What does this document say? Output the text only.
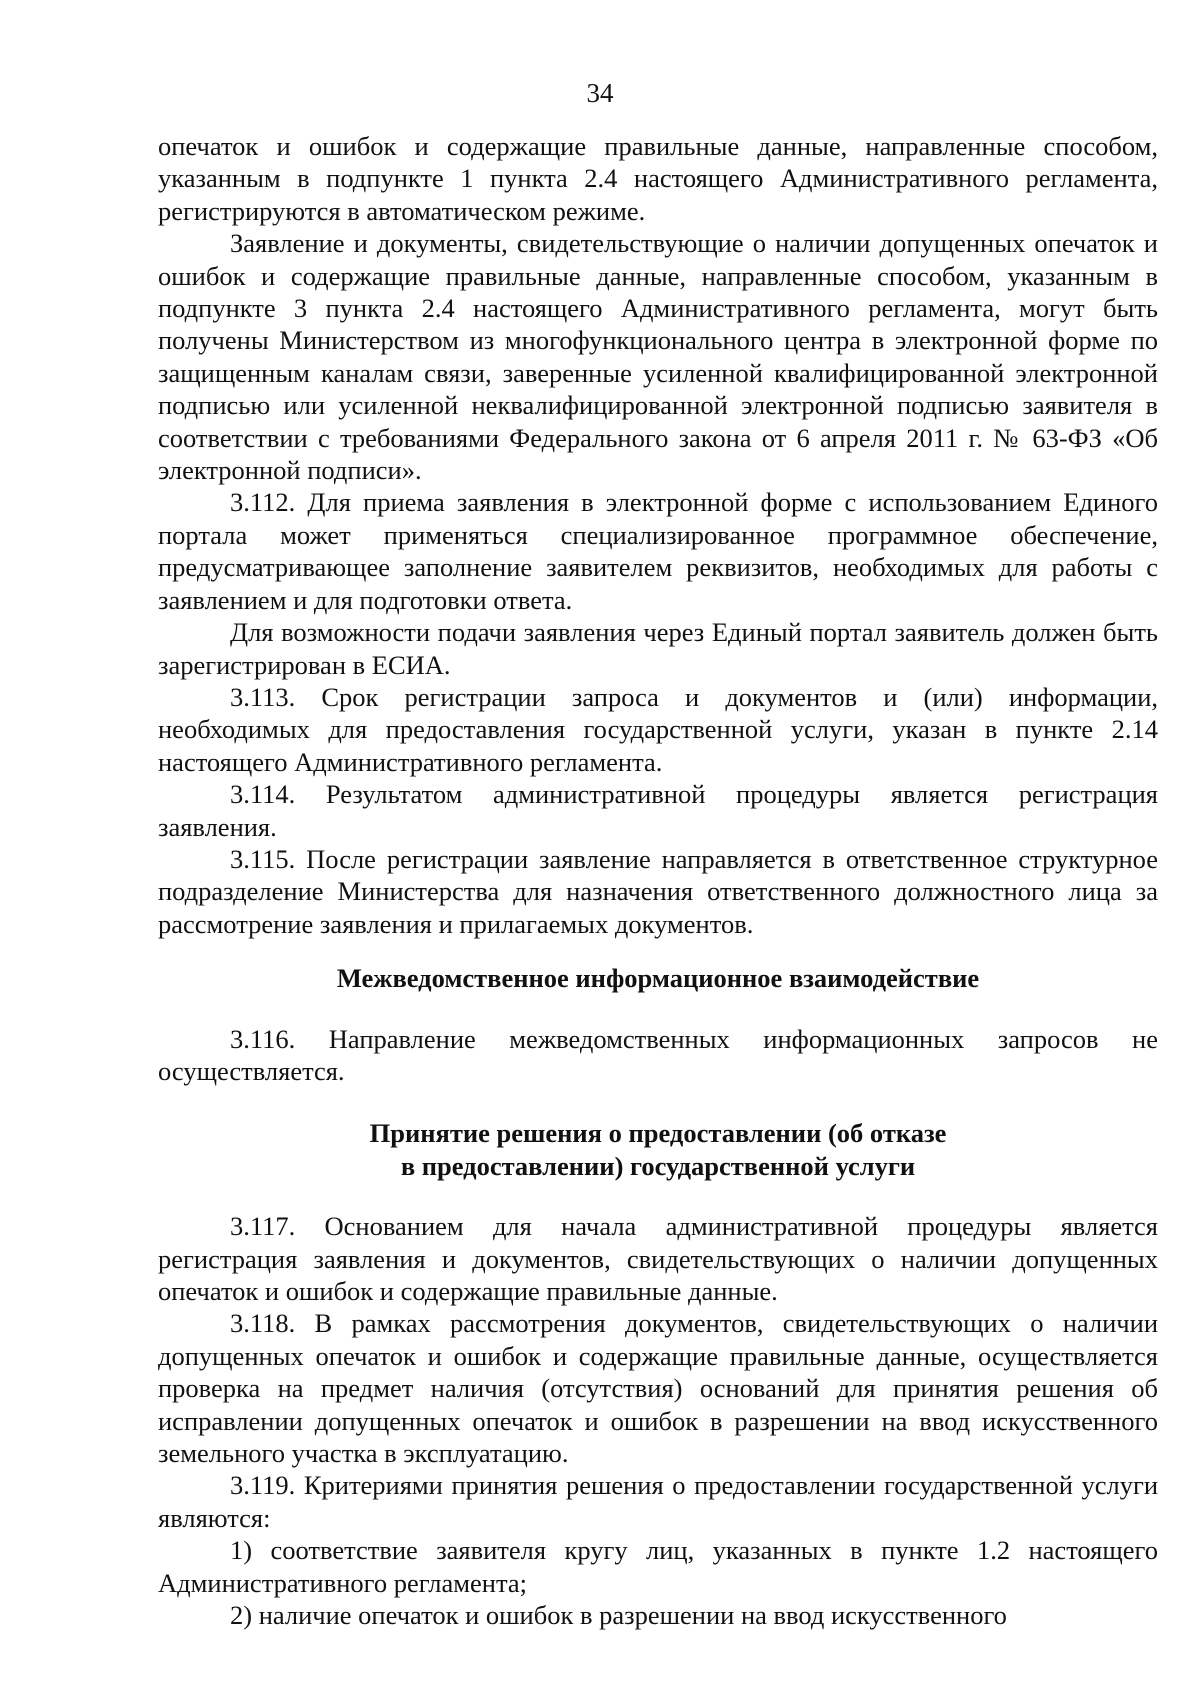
34

опечаток и ошибок и содержащие правильные данные, направленные способом, указанным в подпункте 1 пункта 2.4 настоящего Административного регламента, регистрируются в автоматическом режиме.

Заявление и документы, свидетельствующие о наличии допущенных опечаток и ошибок и содержащие правильные данные, направленные способом, указанным в подпункте 3 пункта 2.4 настоящего Административного регламента, могут быть получены Министерством из многофункционального центра в электронной форме по защищенным каналам связи, заверенные усиленной квалифицированной электронной подписью или усиленной неквалифицированной электронной подписью заявителя в соответствии с требованиями Федерального закона от 6 апреля 2011 г. № 63-ФЗ «Об электронной подписи».

3.112. Для приема заявления в электронной форме с использованием Единого портала может применяться специализированное программное обеспечение, предусматривающее заполнение заявителем реквизитов, необходимых для работы с заявлением и для подготовки ответа.

Для возможности подачи заявления через Единый портал заявитель должен быть зарегистрирован в ЕСИА.

3.113. Срок регистрации запроса и документов и (или) информации, необходимых для предоставления государственной услуги, указан в пункте 2.14 настоящего Административного регламента.

3.114. Результатом административной процедуры является регистрация заявления.

3.115. После регистрации заявление направляется в ответственное структурное подразделение Министерства для назначения ответственного должностного лица за рассмотрение заявления и прилагаемых документов.

Межведомственное информационное взаимодействие

3.116. Направление межведомственных информационных запросов не осуществляется.

Принятие решения о предоставлении (об отказе
в предоставлении) государственной услуги

3.117. Основанием для начала административной процедуры является регистрация заявления и документов, свидетельствующих о наличии допущенных опечаток и ошибок и содержащие правильные данные.

3.118. В рамках рассмотрения документов, свидетельствующих о наличии допущенных опечаток и ошибок и содержащие правильные данные, осуществляется проверка на предмет наличия (отсутствия) оснований для принятия решения об исправлении допущенных опечаток и ошибок в разрешении на ввод искусственного земельного участка в эксплуатацию.

3.119. Критериями принятия решения о предоставлении государственной услуги являются:

1) соответствие заявителя кругу лиц, указанных в пункте 1.2 настоящего Административного регламента;

2) наличие опечаток и ошибок в разрешении на ввод искусственного
